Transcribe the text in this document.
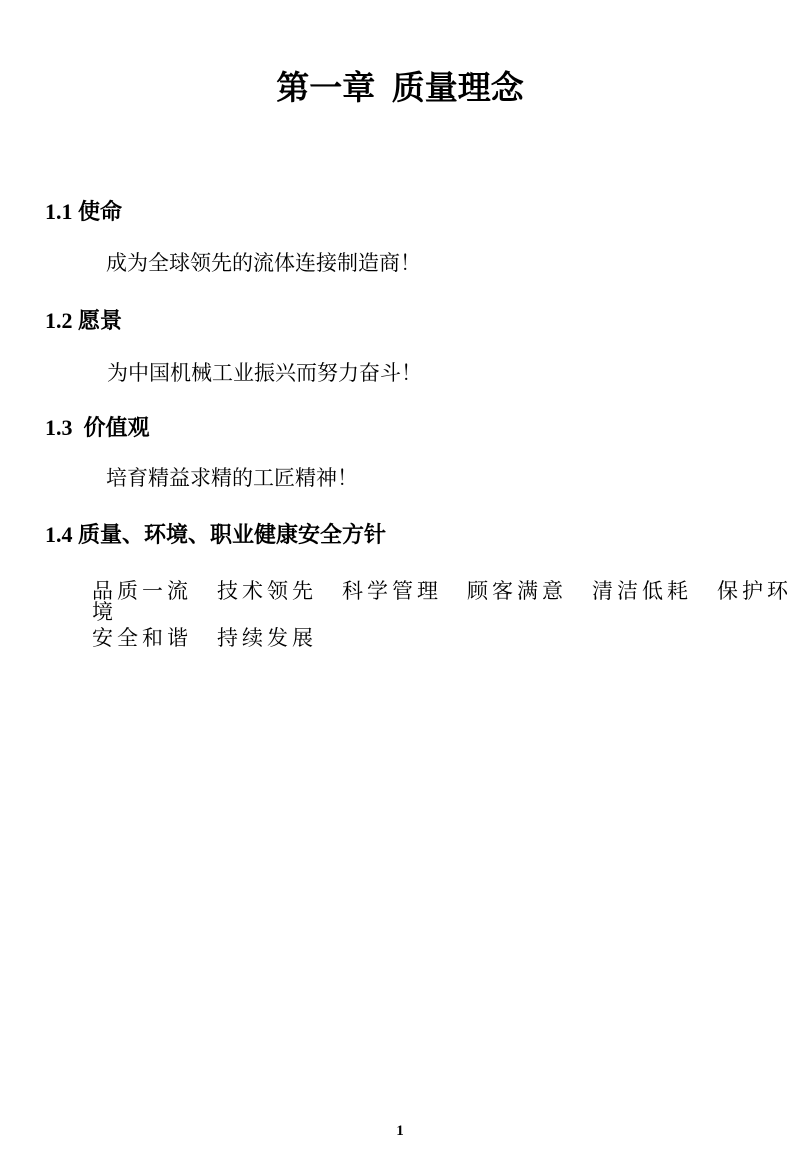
第一章  质量理念
1.1 使命

成为全球领先的流体连接制造商！

1.2 愿景

为中国机械工业振兴而努力奋斗！

1.3  价值观

培育精益求精的工匠精神！

1.4 质量、环境、职业健康安全方针

品质一流　技术领先　科学管理　顾客满意　清洁低耗　保护环境

安全和谐　持续发展

1
